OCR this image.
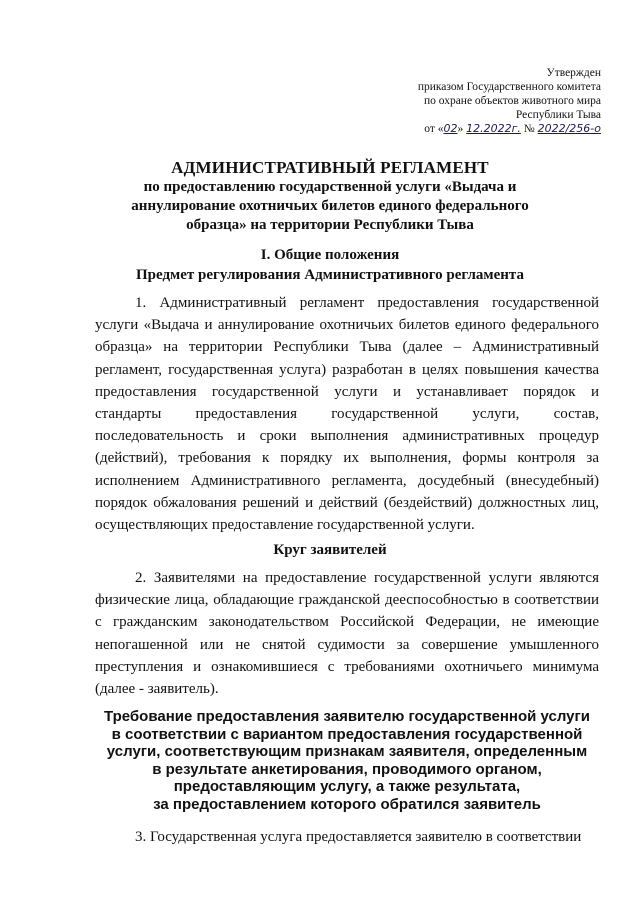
Утвержден
приказом Государственного комитета
по охране объектов животного мира
Республики Тыва
от «02» 12.2022г. № 2022/256-о
АДМИНИСТРАТИВНЫЙ РЕГЛАМЕНТ
по предоставлению государственной услуги «Выдача и аннулирование охотничьих билетов единого федерального образца» на территории Республики Тыва
I. Общие положения
Предмет регулирования Административного регламента
1. Административный регламент предоставления государственной услуги «Выдача и аннулирование охотничьих билетов единого федерального образца» на территории Республики Тыва (далее – Административный регламент, государственная услуга) разработан в целях повышения качества предоставления государственной услуги и устанавливает порядок и стандарты предоставления государственной услуги, состав, последовательность и сроки выполнения административных процедур (действий), требования к порядку их выполнения, формы контроля за исполнением Административного регламента, досудебный (внесудебный) порядок обжалования решений и действий (бездействий) должностных лиц, осуществляющих предоставление государственной услуги.
Круг заявителей
2. Заявителями на предоставление государственной услуги являются физические лица, обладающие гражданской дееспособностью в соответствии с гражданским законодательством Российской Федерации, не имеющие непогашенной или не снятой судимости за совершение умышленного преступления и ознакомившиеся с требованиями охотничьего минимума (далее - заявитель).
Требование предоставления заявителю государственной услуги
в соответствии с вариантом предоставления государственной
услуги, соответствующим признакам заявителя, определенным
в результате анкетирования, проводимого органом,
предоставляющим услугу, а также результата,
за предоставлением которого обратился заявитель
3. Государственная услуга предоставляется заявителю в соответствии
